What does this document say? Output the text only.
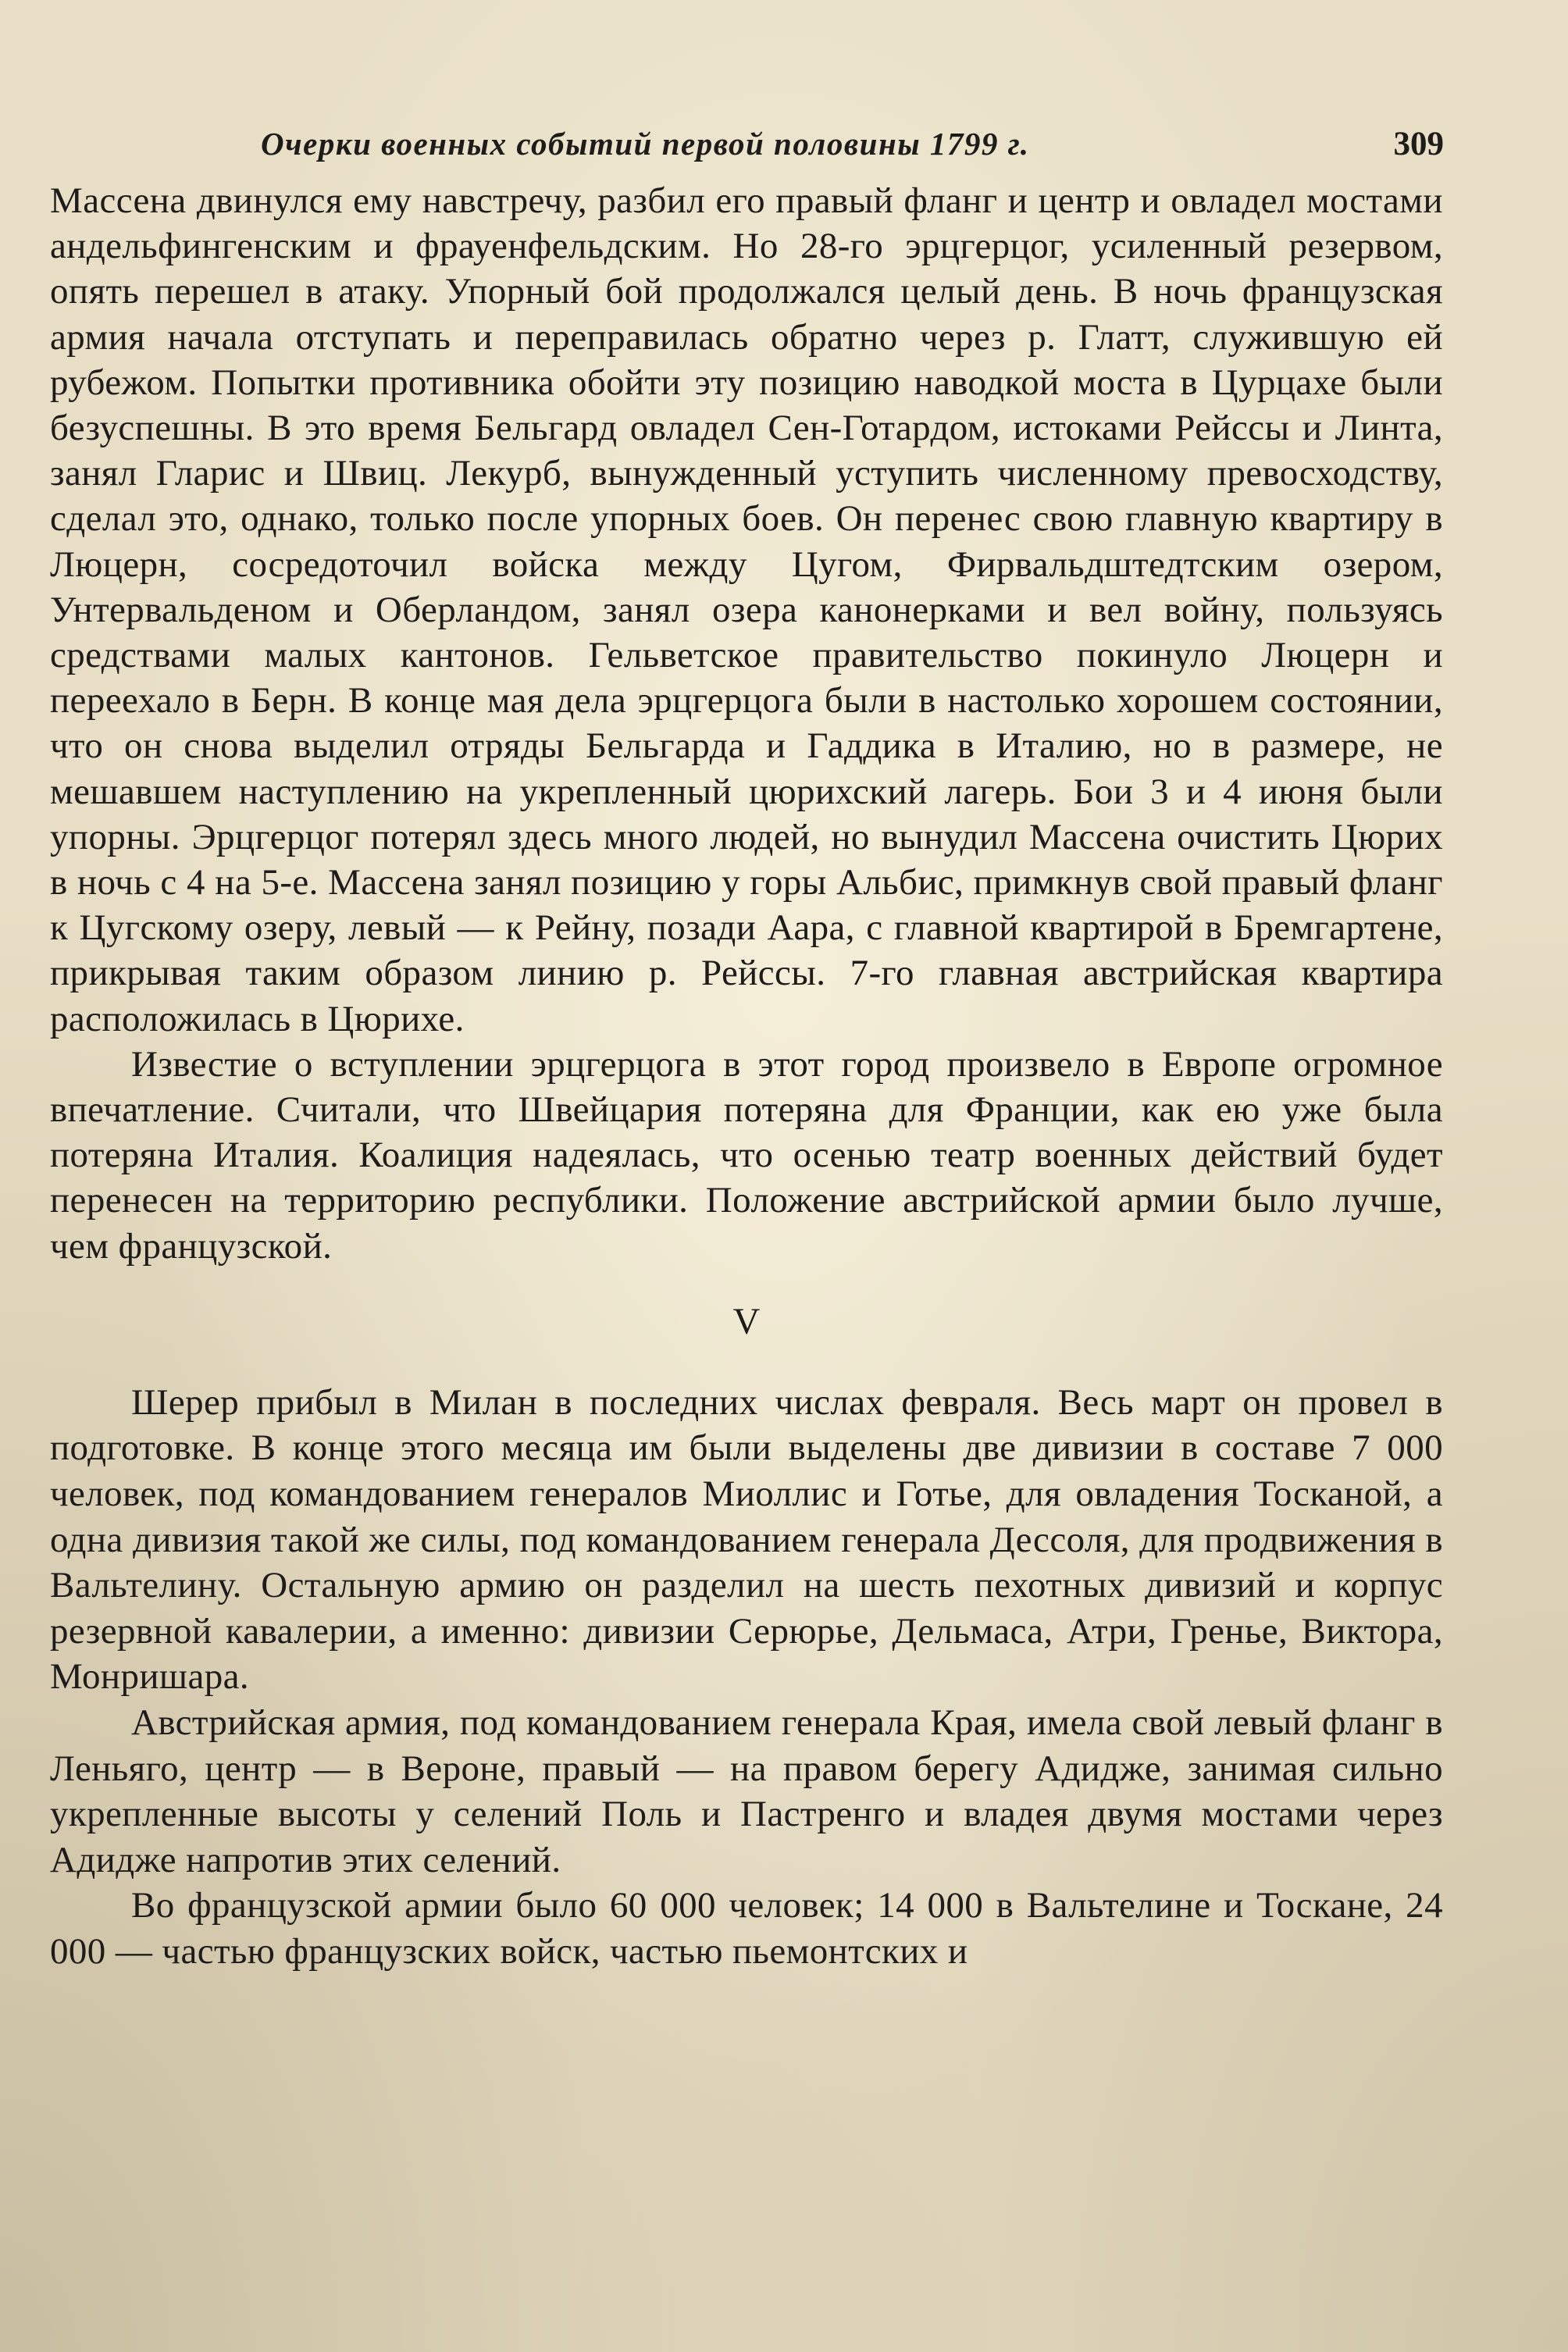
Очерки военных событий первой половины 1799 г.	309

Массена двинулся ему навстречу, разбил его правый фланг и центр и овладел мостами андельфингенским и фрауенфельдским. Но 28-го эрцгерцог, усиленный резервом, опять перешел в атаку. Упорный бой продолжался целый день. В ночь французская армия начала отступать и переправилась обратно через р. Глатт, служившую ей рубежом. Попытки противника обойти эту позицию наводкой моста в Цурцахе были безуспешны. В это время Бельгард овладел Сен-Готардом, истоками Рейссы и Линта, занял Гларис и Швиц. Лекурб, вынужденный уступить численному превосходству, сделал это, однако, только после упорных боев. Он перенес свою главную квартиру в Люцерн, сосредоточил войска между Цугом, Фирвальдштедтским озером, Унтервальденом и Оберландом, занял озера канонерками и вел войну, пользуясь средствами малых кантонов. Гельветское правительство покинуло Люцерн и переехало в Берн. В конце мая дела эрцгерцога были в настолько хорошем состоянии, что он снова выделил отряды Бельгарда и Гаддика в Италию, но в размере, не мешавшем наступлению на укрепленный цюрихский лагерь. Бои 3 и 4 июня были упорны. Эрцгерцог потерял здесь много людей, но вынудил Массена очистить Цюрих в ночь с 4 на 5-е. Массена занял позицию у горы Альбис, примкнув свой правый фланг к Цугскому озеру, левый — к Рейну, позади Аара, с главной квартирой в Бремгартене, прикрывая таким образом линию р. Рейссы. 7-го главная австрийская квартира расположилась в Цюрихе.

Известие о вступлении эрцгерцога в этот город произвело в Европе огромное впечатление. Считали, что Швейцария потеряна для Франции, как ею уже была потеряна Италия. Коалиция надеялась, что осенью театр военных действий будет перенесен на территорию республики. Положение австрийской армии было лучше, чем французской.

V

Шерер прибыл в Милан в последних числах февраля. Весь март он провел в подготовке. В конце этого месяца им были выделены две дивизии в составе 7 000 человек, под командованием генералов Миоллис и Готье, для овладения Тосканой, а одна дивизия такой же силы, под командованием генерала Дессоля, для продвижения в Вальтелину. Остальную армию он разделил на шесть пехотных дивизий и корпус резервной кавалерии, а именно: дивизии Серюрье, Дельмаса, Атри, Гренье, Виктора, Монришара.

Австрийская армия, под командованием генерала Края, имела свой левый фланг в Леньяго, центр — в Вероне, правый — на правом берегу Адидже, занимая сильно укрепленные высоты у селений Поль и Пастренго и владея двумя мостами через Адидже напротив этих селений.

Во французской армии было 60 000 человек; 14 000 в Вальтелине и Тоскане, 24 000 — частью французских войск, частью пьемонтских и
